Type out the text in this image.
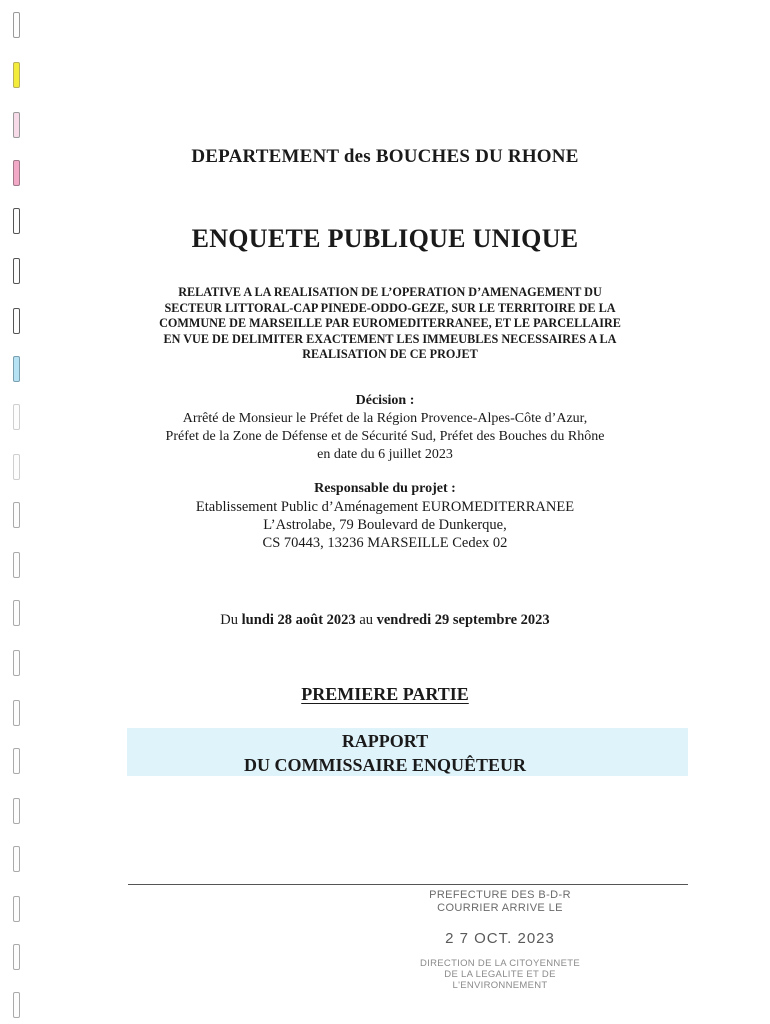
DEPARTEMENT des BOUCHES DU RHONE
ENQUETE PUBLIQUE UNIQUE
RELATIVE A LA REALISATION DE L’OPERATION D’AMENAGEMENT DU
SECTEUR LITTORAL-CAP PINEDE-ODDO-GEZE, SUR LE TERRITOIRE DE LA
COMMUNE DE MARSEILLE PAR EUROMEDITERRANEE, ET LE PARCELLAIRE
EN VUE DE DELIMITER EXACTEMENT LES IMMEUBLES NECESSAIRES A LA
REALISATION DE CE PROJET
Décision :
Arrêté de Monsieur le Préfet de la Région Provence-Alpes-Côte d’Azur,
Préfet de la Zone de Défense et de Sécurité Sud, Préfet des Bouches du Rhône
en date du 6 juillet 2023
Responsable du projet :
Etablissement Public d’Aménagement EUROMEDITERRANEE
L’Astrolabe, 79 Boulevard de Dunkerque,
CS 70443, 13236 MARSEILLE Cedex 02
Du lundi 28 août 2023 au vendredi 29 septembre 2023
PREMIERE PARTIE
RAPPORT
DU COMMISSAIRE ENQUÊTEUR
PREFECTURE DES B-D-R
COURRIER ARRIVE LE
2 7 OCT. 2023
DIRECTION DE LA CITOYENNETE
DE LA LEGALITE ET DE
L'ENVIRONNEMENT
